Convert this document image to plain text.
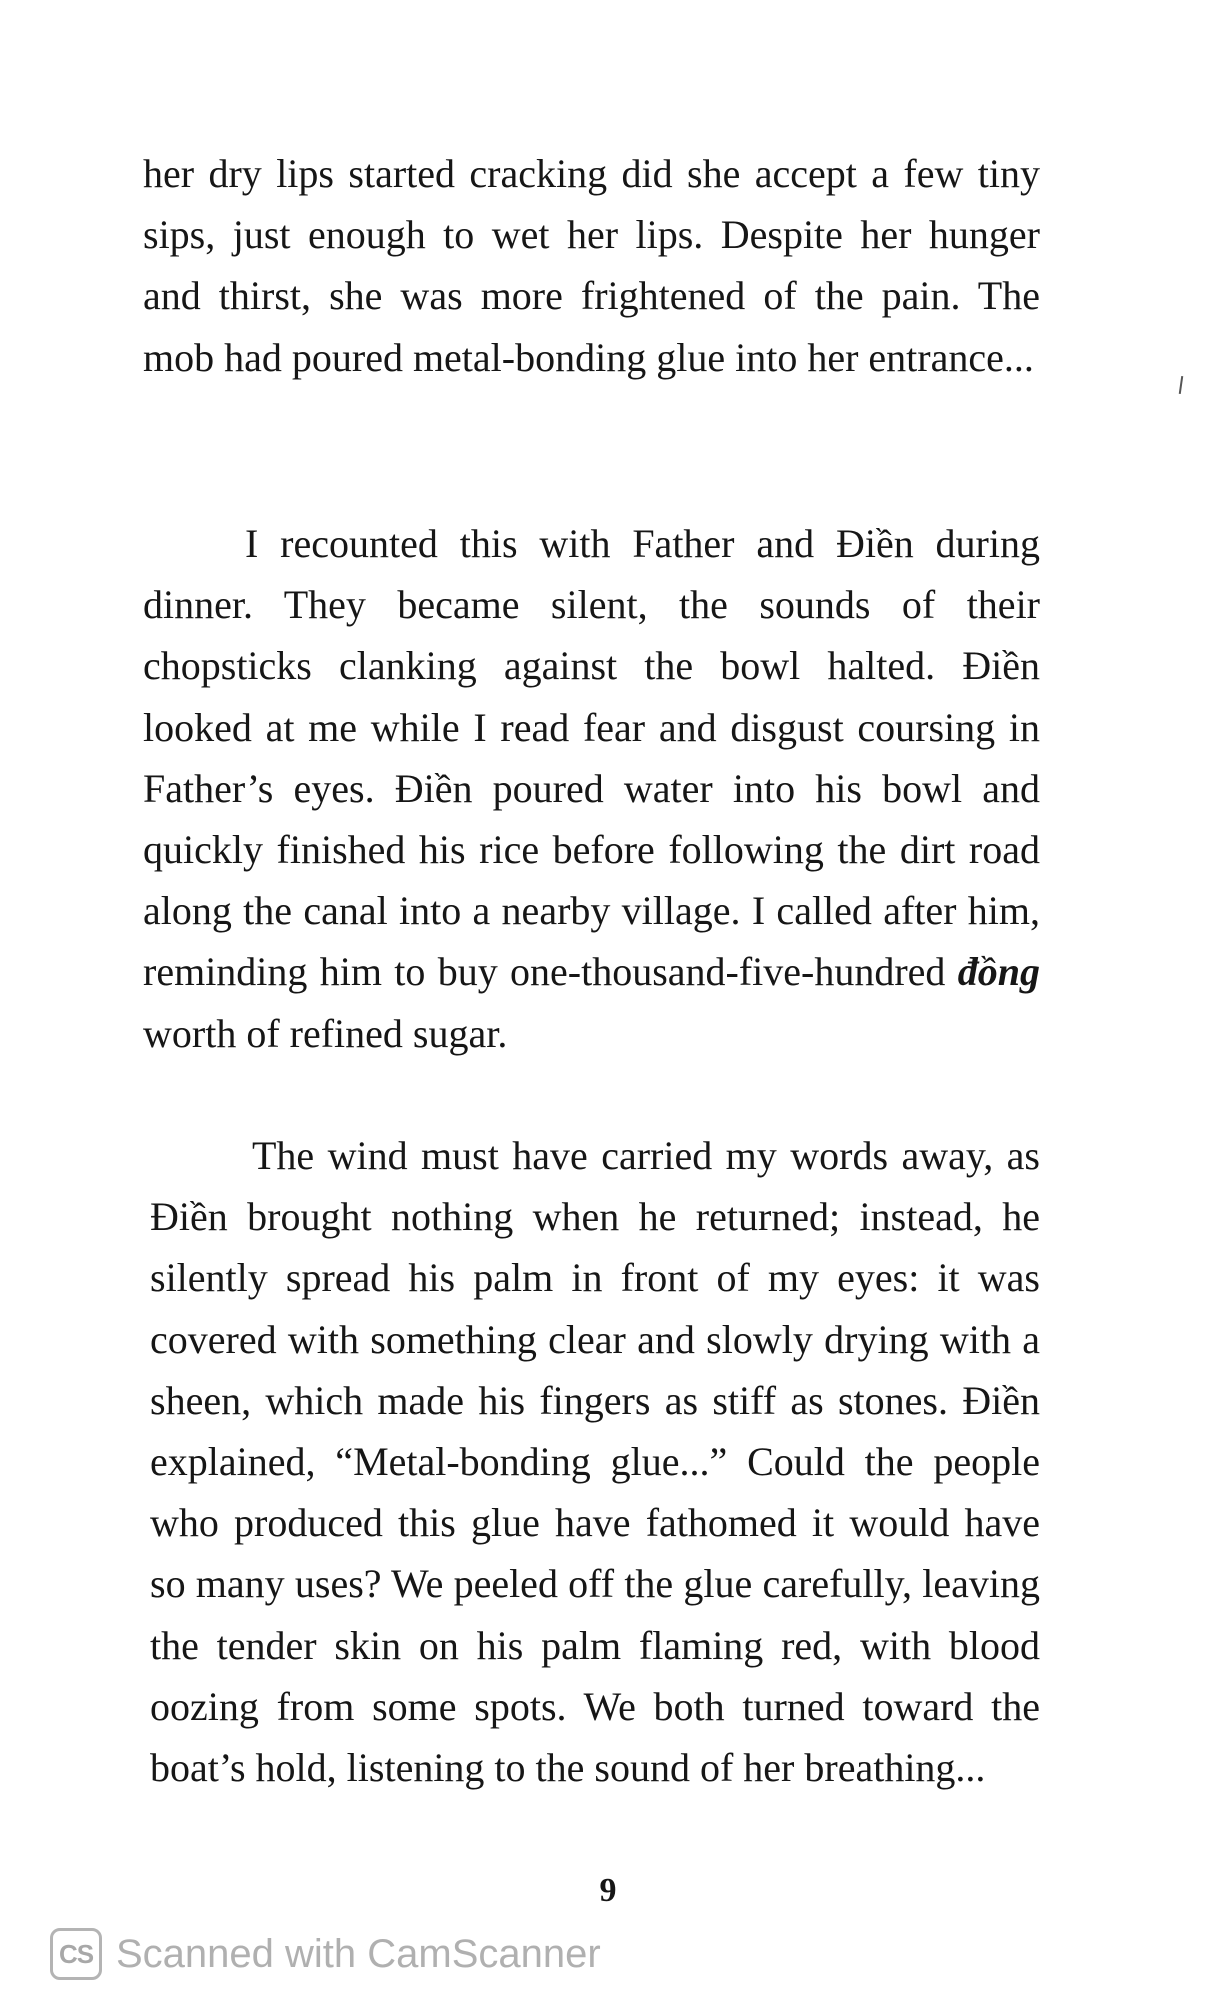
her dry lips started cracking did she accept a few tiny sips, just enough to wet her lips. Despite her hunger and thirst, she was more frightened of the pain. The mob had poured metal-bonding glue into her entrance...

I recounted this with Father and Điền during dinner. They became silent, the sounds of their chopsticks clanking against the bowl halted. Điền looked at me while I read fear and disgust coursing in Father’s eyes. Điền poured water into his bowl and quickly finished his rice before following the dirt road along the canal into a nearby village. I called after him, reminding him to buy one-thousand-five-hundred đồng worth of refined sugar.

The wind must have carried my words away, as Điền brought nothing when he returned; instead, he silently spread his palm in front of my eyes: it was covered with something clear and slowly drying with a sheen, which made his fingers as stiff as stones. Điền explained, “Metal-bonding glue...” Could the people who produced this glue have fathomed it would have so many uses? We peeled off the glue carefully, leaving the tender skin on his palm flaming red, with blood oozing from some spots. We both turned toward the boat’s hold, listening to the sound of her breathing...

9
CS Scanned with CamScanner
